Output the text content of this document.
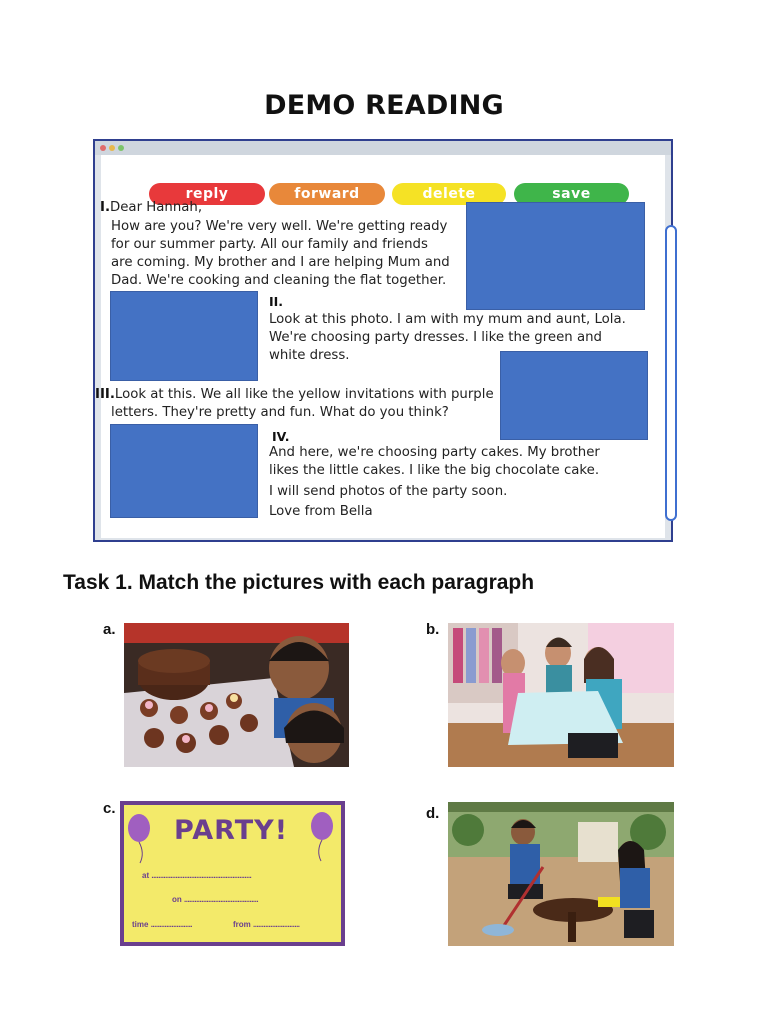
DEMO READING
reply	forward	delete	save
I.Dear Hannah,
How are you? We're very well. We're getting ready
for our summer party. All our family and friends
are coming. My brother and I are helping Mum and
Dad. We're cooking and cleaning the flat together.
II.
Look at this photo. I am with my mum and aunt, Lola.
We're choosing party dresses. I like the green and
white dress.
III.Look at this. We all like the yellow invitations with purple
letters. They're pretty and fun. What do you think?
IV.
And here, we're choosing party cakes. My brother
likes the little cakes. I like the big chocolate cake.
I will send photos of the party soon.
Love from Bella
Task 1. Match the pictures with each paragraph
a.	b.
c.	d.
PARTY!
at ..........................................................
on ...........................................
time ........................	from ...........................
